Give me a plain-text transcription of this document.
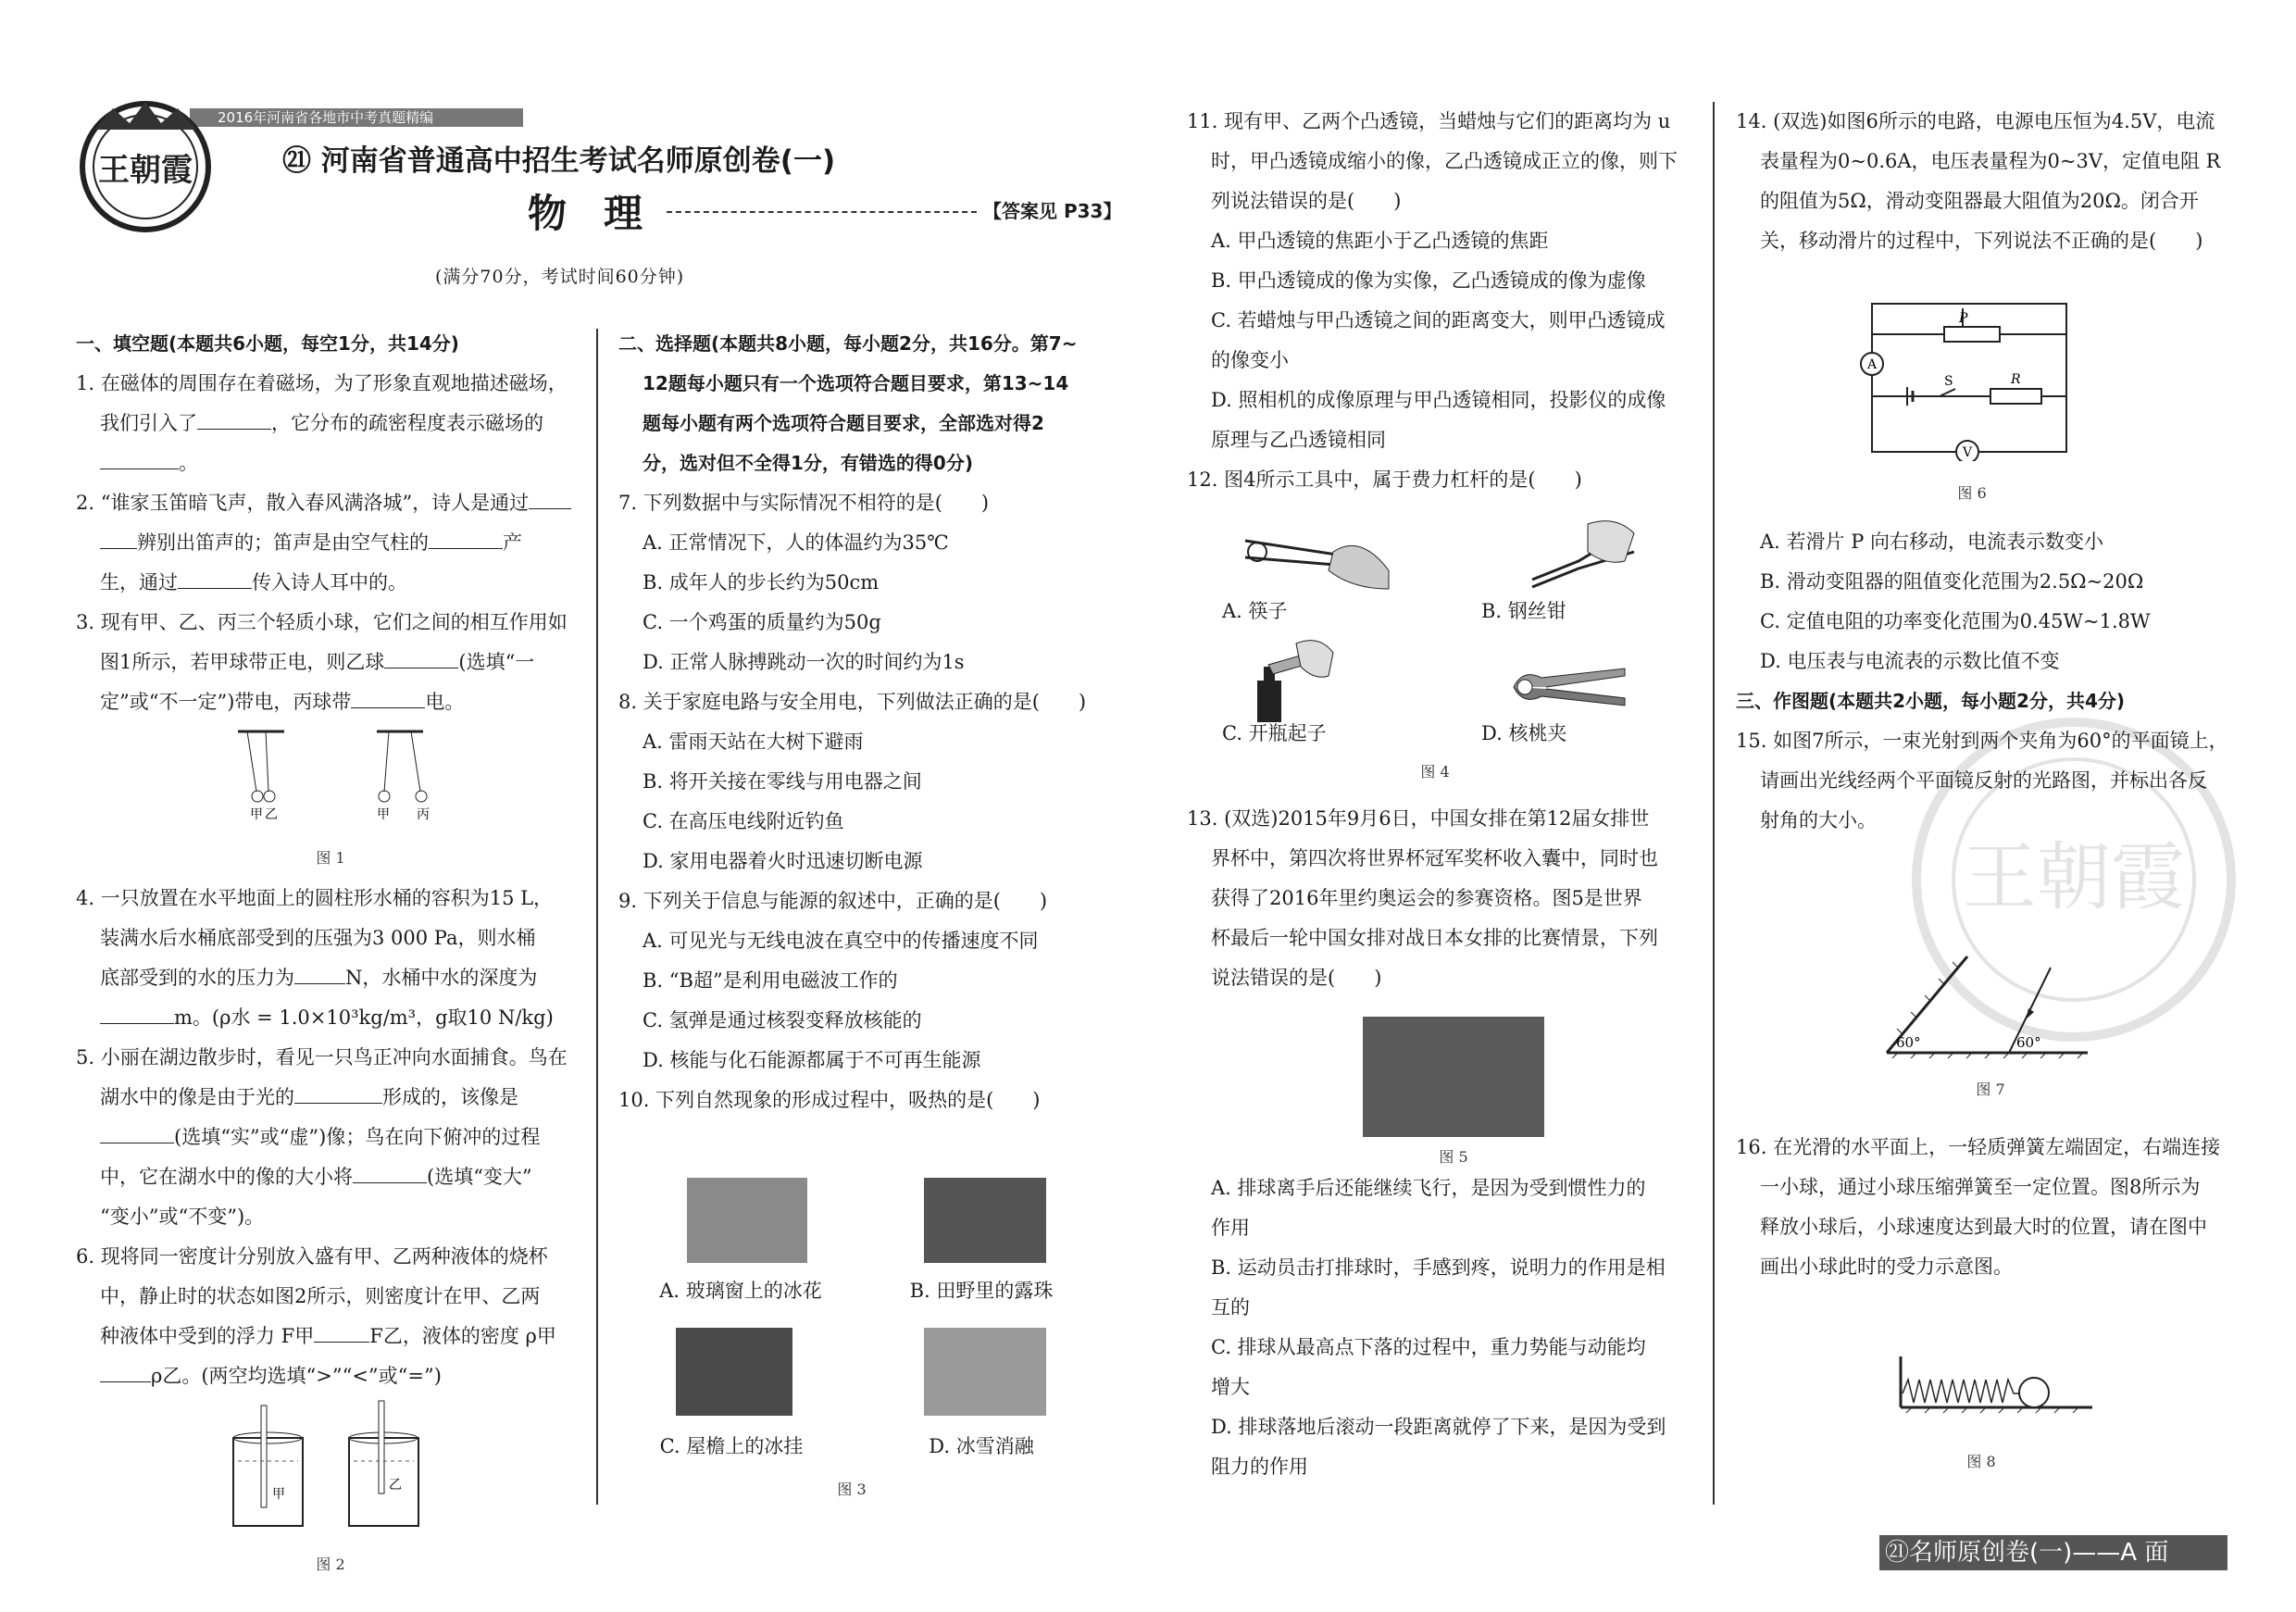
2016年河南省各地市中考真题精编
王朝霞	㉑ 河南省普通高中招生考试名师原创卷(一)
物理	【答案见 P33】
(满分70分，考试时间60分钟)

一、填空题(本题共6小题，每空1分，共14分)

1. 在磁体的周围存在着磁场，为了形象直观地描述磁场，

我们引入了	，它分布的疏密程度表示磁场的

。

2. “谁家玉笛暗飞声，散入春风满洛城”，诗人是通过

辨别出笛声的；笛声是由空气柱的	产

生，通过	传入诗人耳中的。

3. 现有甲、乙、丙三个轻质小球，它们之间的相互作用如

图1所示，若甲球带正电，则乙球	(选填“一

定”或“不一定”)带电，丙球带	电。

甲 乙	甲 丙
图 1

4. 一只放置在水平地面上的圆柱形水桶的容积为15 L，

装满水后水桶底部受到的压强为3 000 Pa，则水桶

底部受到的水的压力为	N，水桶中水的深度为

m。(ρ水 = 1.0×10³kg/m³，g取10 N/kg)

5. 小丽在湖边散步时，看见一只鸟正冲向水面捕食。鸟在

湖水中的像是由于光的	形成的，该像是

(选填“实”或“虚”)像；鸟在向下俯冲的过程

中，它在湖水中的像的大小将	(选填“变大”

“变小”或“不变”)。

6. 现将同一密度计分别放入盛有甲、乙两种液体的烧杯

中，静止时的状态如图2所示，则密度计在甲、乙两

种液体中受到的浮力 F甲	F乙，液体的密度 ρ甲

ρ乙。(两空均选填“>”“<”或“=”)

甲
乙
图 2

二、选择题(本题共8小题，每小题2分，共16分。第7~

12题每小题只有一个选项符合题目要求，第13~14

题每小题有两个选项符合题目要求，全部选对得2

分，选对但不全得1分，有错选的得0分)

7. 下列数据中与实际情况不相符的是(　　)

A. 正常情况下，人的体温约为35℃

B. 成年人的步长约为50cm

C. 一个鸡蛋的质量约为50g

D. 正常人脉搏跳动一次的时间约为1s

8. 关于家庭电路与安全用电，下列做法正确的是(　　)

A. 雷雨天站在大树下避雨

B. 将开关接在零线与用电器之间

C. 在高压电线附近钓鱼

D. 家用电器着火时迅速切断电源

9. 下列关于信息与能源的叙述中，正确的是(　　)

A. 可见光与无线电波在真空中的传播速度不同

B. “B超”是利用电磁波工作的

C. 氢弹是通过核裂变释放核能的

D. 核能与化石能源都属于不可再生能源

10. 下列自然现象的形成过程中，吸热的是(　　)

A. 玻璃窗上的冰花	B. 田野里的露珠
C. 屋檐上的冰挂	D. 冰雪消融
图 3

11. 现有甲、乙两个凸透镜，当蜡烛与它们的距离均为 u

时，甲凸透镜成缩小的像，乙凸透镜成正立的像，则下

列说法错误的是(　　)

A. 甲凸透镜的焦距小于乙凸透镜的焦距

B. 甲凸透镜成的像为实像，乙凸透镜成的像为虚像

C. 若蜡烛与甲凸透镜之间的距离变大，则甲凸透镜成

的像变小

D. 照相机的成像原理与甲凸透镜相同，投影仪的成像

原理与乙凸透镜相同

12. 图4所示工具中，属于费力杠杆的是(　　)

A. 筷子	B. 钢丝钳
C. 开瓶起子	D. 核桃夹
图 4

13. (双选)2015年9月6日，中国女排在第12届女排世

界杯中，第四次将世界杯冠军奖杯收入囊中，同时也

获得了2016年里约奥运会的参赛资格。图5是世界

杯最后一轮中国女排对战日本女排的比赛情景，下列

说法错误的是(　　)

图 5

A. 排球离手后还能继续飞行，是因为受到惯性力的

作用

B. 运动员击打排球时，手感到疼，说明力的作用是相

互的

C. 排球从最高点下落的过程中，重力势能与动能均

增大

D. 排球落地后滚动一段距离就停了下来，是因为受到

阻力的作用

14. (双选)如图6所示的电路，电源电压恒为4.5V，电流

表量程为0~0.6A，电压表量程为0~3V，定值电阻 R

的阻值为5Ω，滑动变阻器最大阻值为20Ω。闭合开

关，移动滑片的过程中，下列说法不正确的是(　　)

P
A
S	R
V
图 6

A. 若滑片 P 向右移动，电流表示数变小

B. 滑动变阻器的阻值变化范围为2.5Ω~20Ω

C. 定值电阻的功率变化范围为0.45W~1.8W

D. 电压表与电流表的示数比值不变

三、作图题(本题共2小题，每小题2分，共4分)

15. 如图7所示，一束光射到两个夹角为60°的平面镜上，

请画出光线经两个平面镜反射的光路图，并标出各反

射角的大小。

60°	60°
图 7

16. 在光滑的水平面上，一轻质弹簧左端固定，右端连接

一小球，通过小球压缩弹簧至一定位置。图8所示为

释放小球后，小球速度达到最大时的位置，请在图中

画出小球此时的受力示意图。

图 8
王朝霞
㉑名师原创卷(一)——A 面
